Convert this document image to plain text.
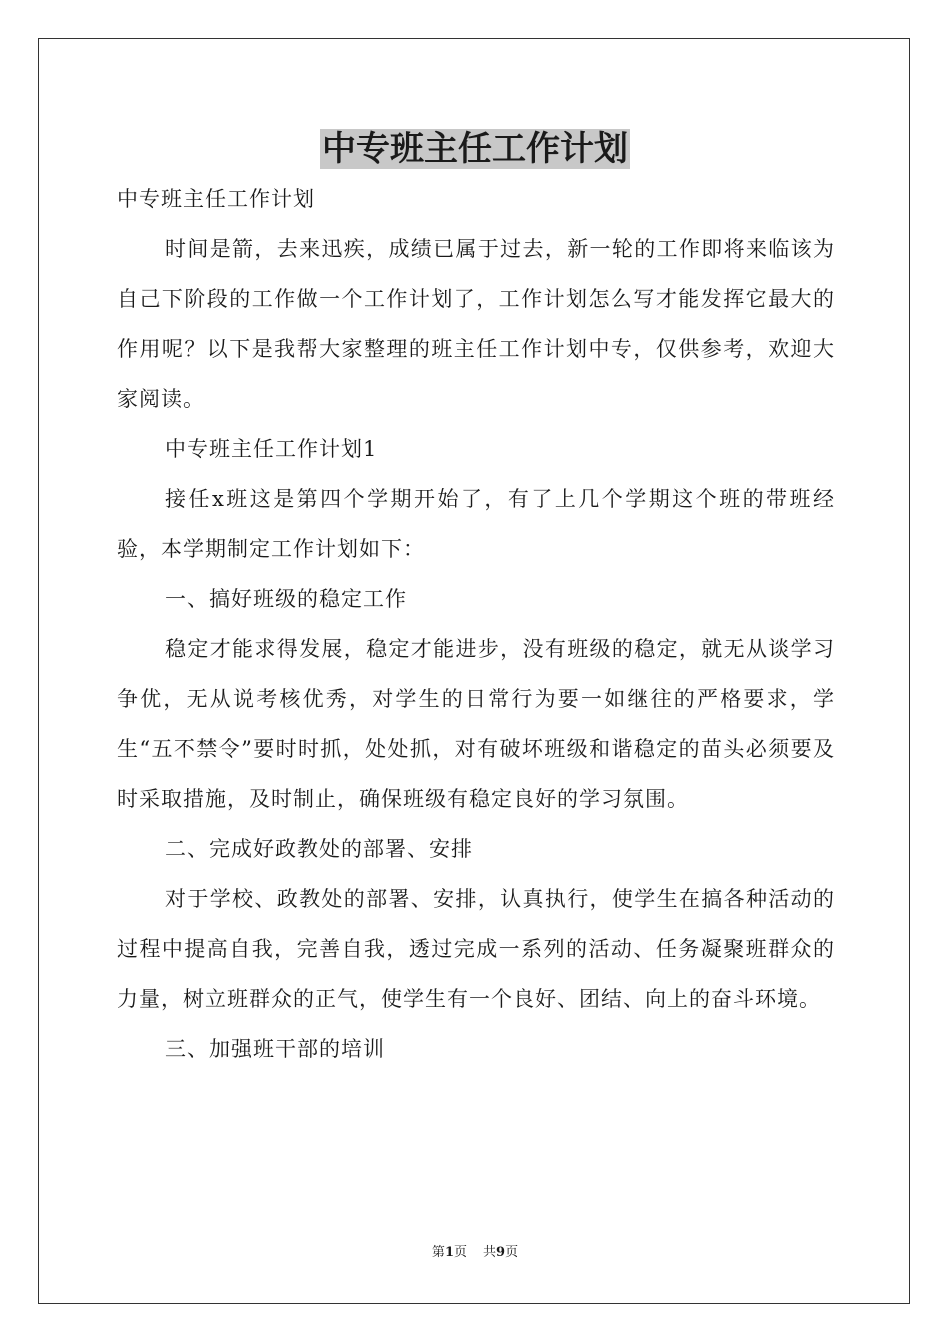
中专班主任工作计划

中专班主任工作计划

时间是箭，去来迅疾，成绩已属于过去，新一轮的工作即将来临该为自己下阶段的工作做一个工作计划了，工作计划怎么写才能发挥它最大的作用呢？以下是我帮大家整理的班主任工作计划中专，仅供参考，欢迎大家阅读。

中专班主任工作计划1

接任x班这是第四个学期开始了，有了上几个学期这个班的带班经验，本学期制定工作计划如下：

一、搞好班级的稳定工作

稳定才能求得发展，稳定才能进步，没有班级的稳定，就无从谈学习争优，无从说考核优秀，对学生的日常行为要一如继往的严格要求，学生“五不禁令”要时时抓，处处抓，对有破坏班级和谐稳定的苗头必须要及时采取措施，及时制止，确保班级有稳定良好的学习氛围。

二、完成好政教处的部署、安排

对于学校、政教处的部署、安排，认真执行，使学生在搞各种活动的过程中提高自我，完善自我，透过完成一系列的活动、任务凝聚班群众的力量，树立班群众的正气，使学生有一个良好、团结、向上的奋斗环境。

三、加强班干部的培训

第1页 共9页
